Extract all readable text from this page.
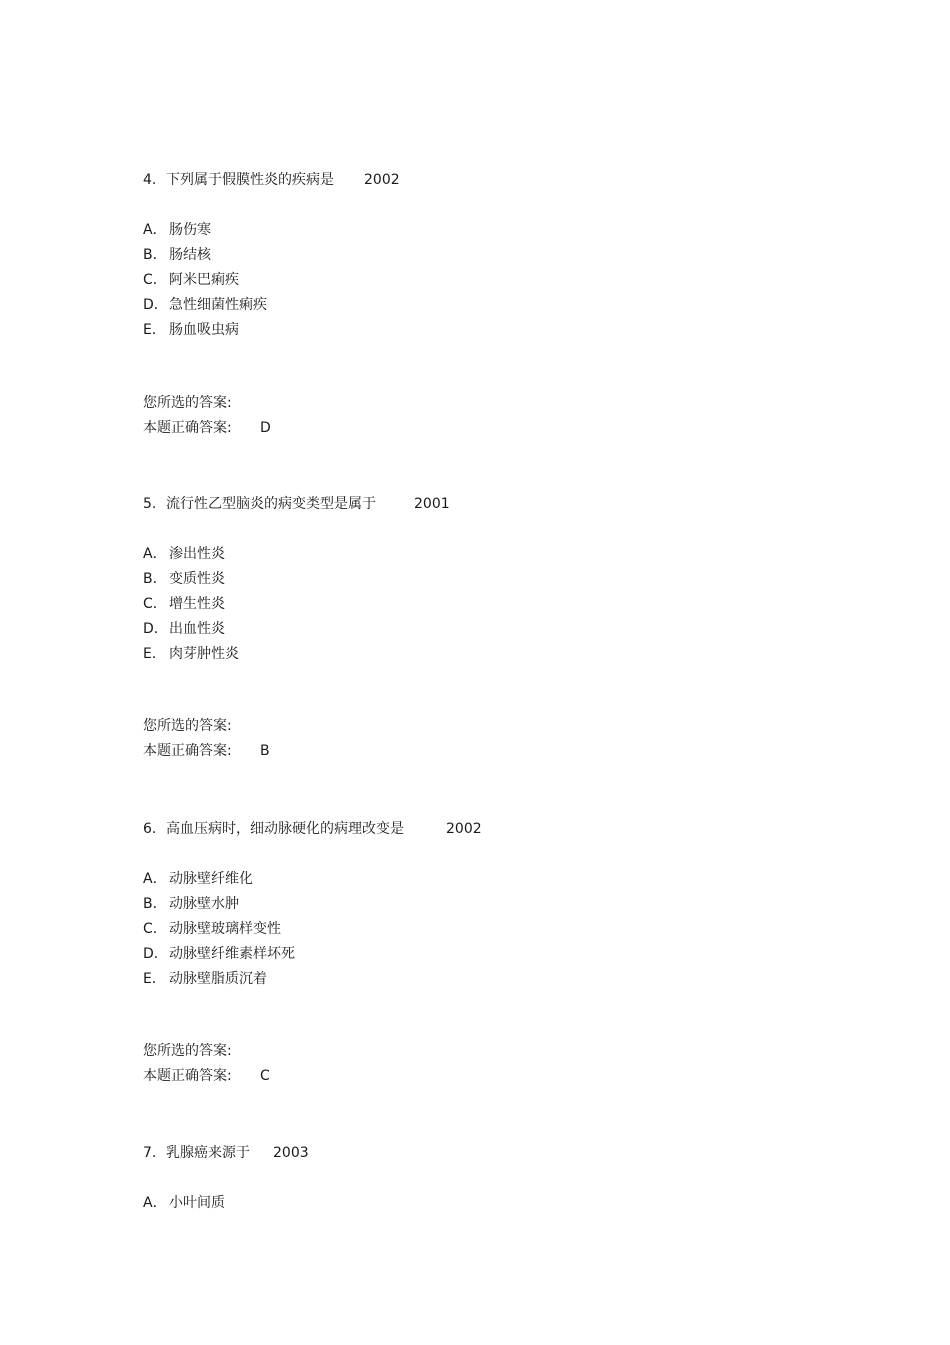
4. 下列属于假膜性炎的疾病是 2002
A． 肠伤寒
B． 肠结核
C． 阿米巴痢疾
D．急性细菌性痢疾
E． 肠血吸虫病
您所选的答案:
本题正确答案: D
5. 流行性乙型脑炎的病变类型是属于	2001
A． 渗出性炎
B． 变质性炎
C． 增生性炎
D．出血性炎
E． 肉芽肿性炎
您所选的答案:
本题正确答案: B
6. 高血压病时，细动脉硬化的病理改变是	2002
A． 动脉壁纤维化
B． 动脉壁水肿
C． 动脉壁玻璃样变性
D．动脉壁纤维素样坏死
E． 动脉壁脂质沉着
您所选的答案:
本题正确答案: C
7. 乳腺癌来源于 2003
A． 小叶间质
